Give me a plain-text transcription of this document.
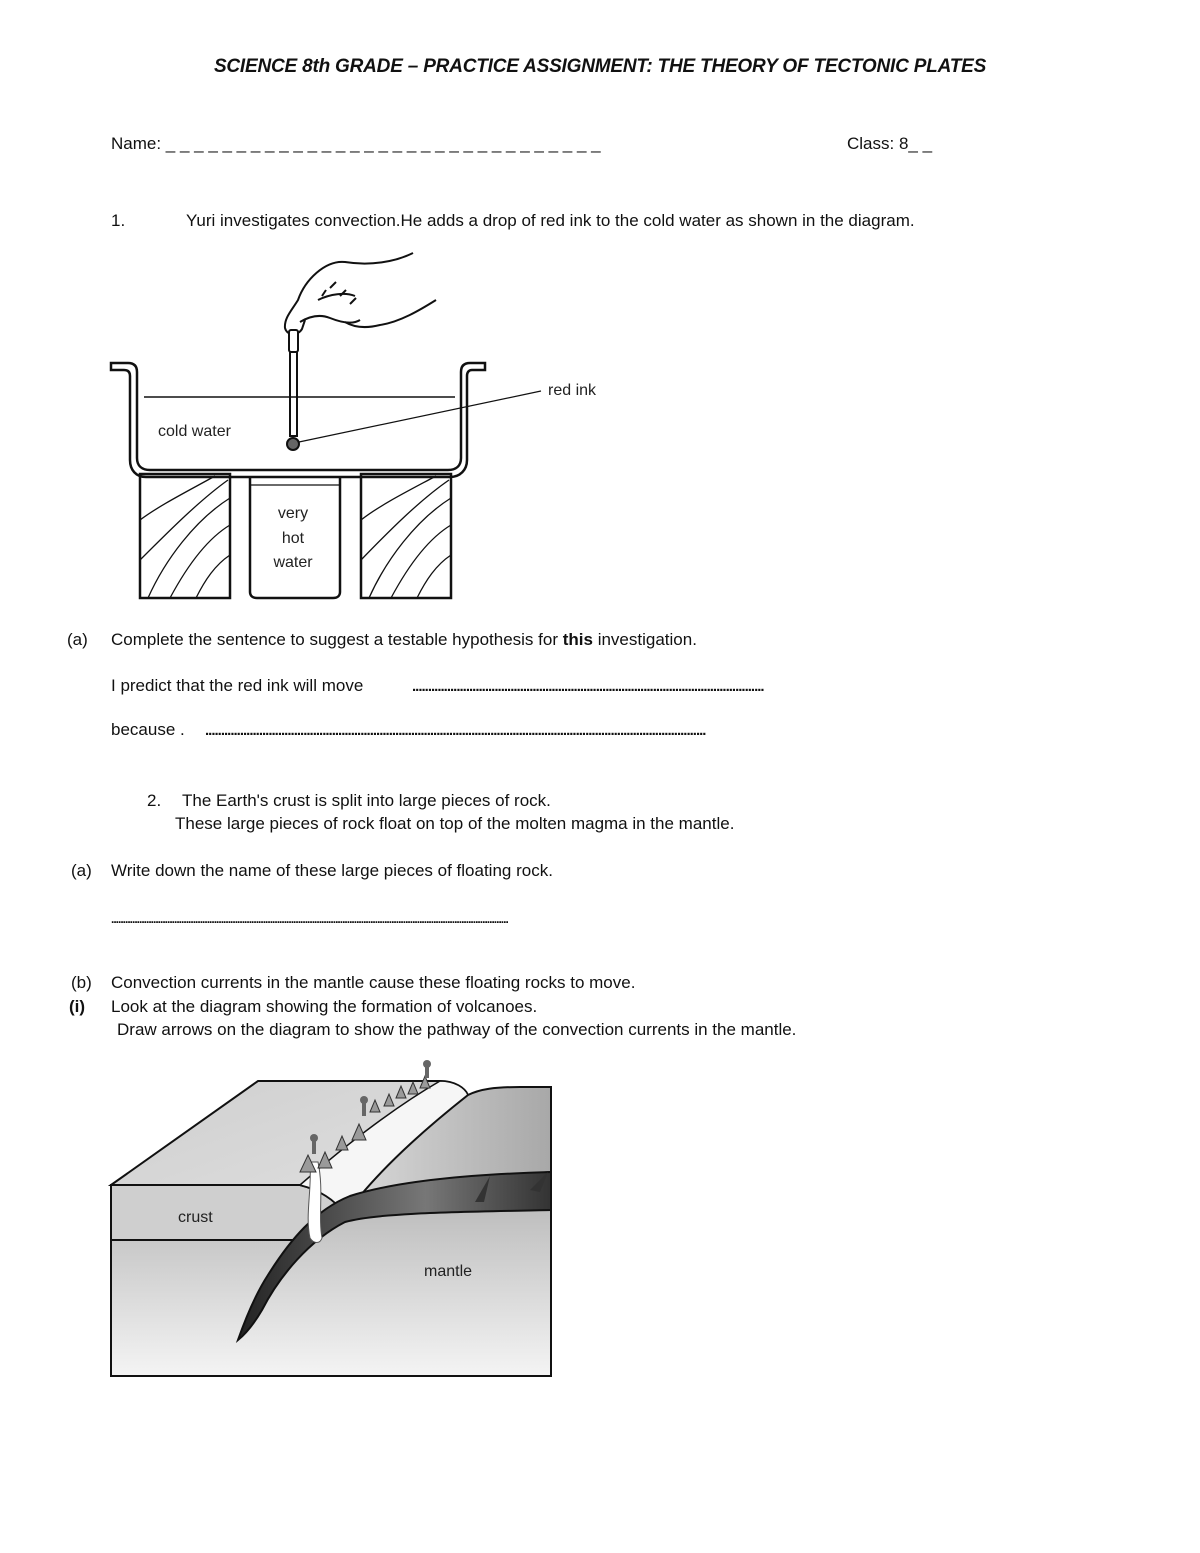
SCIENCE 8th GRADE – PRACTICE ASSIGNMENT: THE THEORY OF TECTONIC PLATES
Name: _ _ _ _ _ _ _ _ _ _ _ _ _ _ _ _ _ _ _ _ _ _ _ _ _ _ _ _ _ _ _	Class: 8_ _
1.	Yuri investigates convection.He adds a drop of red ink to the cold water as shown in the diagram.
red ink
cold water
very
hot
water
(a) Complete the sentence to suggest a testable hypothesis for this investigation.
I predict that the red ink will move	...............................................................................................................
because . ..............................................................................................................................................................
2. The Earth's crust is split into large pieces of rock.
These large pieces of rock float on top of the molten magma in the mantle.
(a) Write down the name of these large pieces of floating rock.
..........................................................................................................................................................................
(b) Convection currents in the mantle cause these floating rocks to move.
(i) Look at the diagram showing the formation of volcanoes.
Draw arrows on the diagram to show the pathway of the convection currents in the mantle.
crust
mantle
